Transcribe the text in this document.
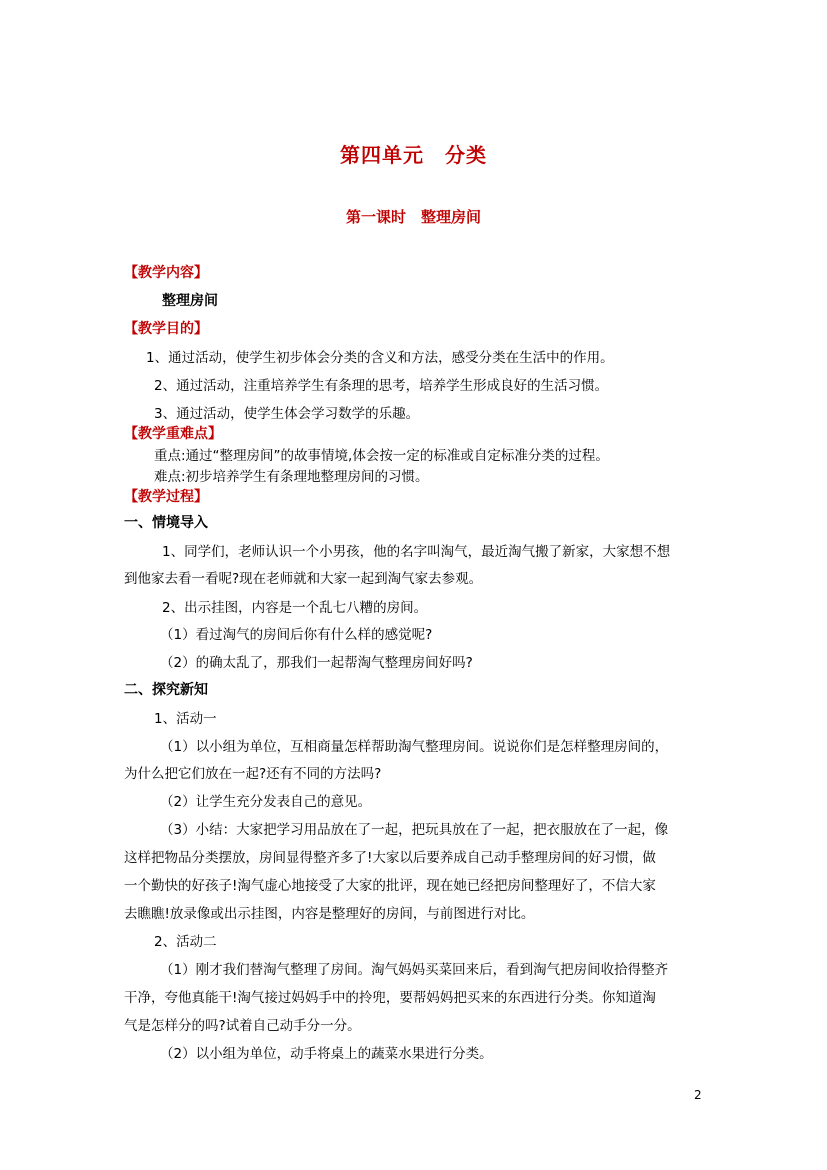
第四单元　分类
第一课时　整理房间
【教学内容】
整理房间
【教学目的】
1、通过活动，使学生初步体会分类的含义和方法，感受分类在生活中的作用。
2、通过活动，注重培养学生有条理的思考，培养学生形成良好的生活习惯。
3、通过活动，使学生体会学习数学的乐趣。
【教学重难点】
重点:通过“整理房间”的故事情境,体会按一定的标准或自定标准分类的过程。
难点:初步培养学生有条理地整理房间的习惯。
【教学过程】
一、情境导入
1、同学们，老师认识一个小男孩，他的名字叫淘气，最近淘气搬了新家，大家想不想
到他家去看一看呢?现在老师就和大家一起到淘气家去参观。
2、出示挂图，内容是一个乱七八糟的房间。
（1）看过淘气的房间后你有什么样的感觉呢?
（2）的确太乱了，那我们一起帮淘气整理房间好吗?
二、探究新知
1、活动一
（1）以小组为单位，互相商量怎样帮助淘气整理房间。说说你们是怎样整理房间的，
为什么把它们放在一起?还有不同的方法吗?
（2）让学生充分发表自己的意见。
（3）小结：大家把学习用品放在了一起，把玩具放在了一起，把衣服放在了一起，像
这样把物品分类摆放，房间显得整齐多了!大家以后要养成自己动手整理房间的好习惯，做
一个勤快的好孩子!淘气虚心地接受了大家的批评，现在她已经把房间整理好了，不信大家
去瞧瞧!放录像或出示挂图，内容是整理好的房间，与前图进行对比。
2、活动二
（1）刚才我们替淘气整理了房间。淘气妈妈买菜回来后，看到淘气把房间收拾得整齐
干净，夸他真能干!淘气接过妈妈手中的拎兜，要帮妈妈把买来的东西进行分类。你知道淘
气是怎样分的吗?试着自己动手分一分。
（2）以小组为单位，动手将桌上的蔬菜水果进行分类。
2
